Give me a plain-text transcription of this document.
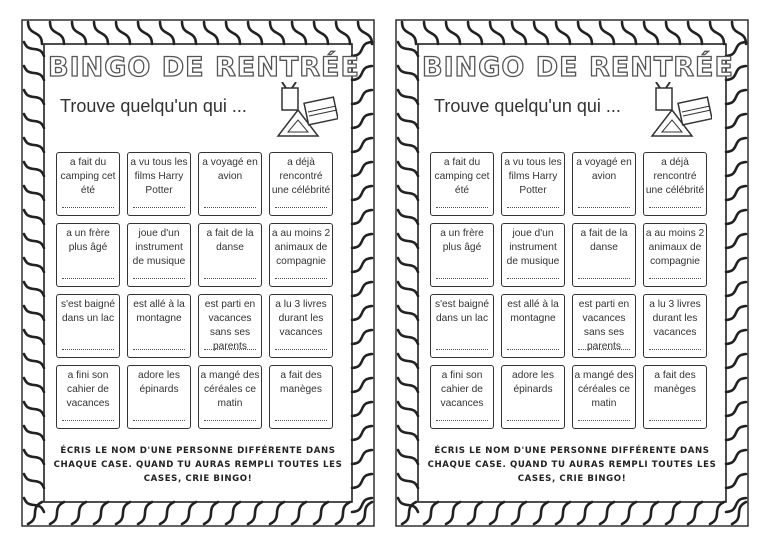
BINGO DE RENTRÉE
Trouve quelqu'un qui ...
a fait du camping cet été
a vu tous les films Harry Potter
a voyagé en avion
a déjà rencontré une célébrité
a un frère plus âgé
joue d'un instrument de musique
a fait de la danse
a au moins 2 animaux de compagnie
s'est baigné dans un lac
est allé à la montagne
est parti en vacances sans ses parents
a lu 3 livres durant les vacances
a fini son cahier de vacances
adore les épinards
a mangé des céréales ce matin
a fait des manèges
ÉCRIS LE NOM D'UNE PERSONNE DIFFÉRENTE DANS CHAQUE CASE. QUAND TU AURAS REMPLI TOUTES LES CASES, CRIE BINGO!
BINGO DE RENTRÉE
Trouve quelqu'un qui ...
a fait du camping cet été
a vu tous les films Harry Potter
a voyagé en avion
a déjà rencontré une célébrité
a un frère plus âgé
joue d'un instrument de musique
a fait de la danse
a au moins 2 animaux de compagnie
s'est baigné dans un lac
est allé à la montagne
est parti en vacances sans ses parents
a lu 3 livres durant les vacances
a fini son cahier de vacances
adore les épinards
a mangé des céréales ce matin
a fait des manèges
ÉCRIS LE NOM D'UNE PERSONNE DIFFÉRENTE DANS CHAQUE CASE. QUAND TU AURAS REMPLI TOUTES LES CASES, CRIE BINGO!
